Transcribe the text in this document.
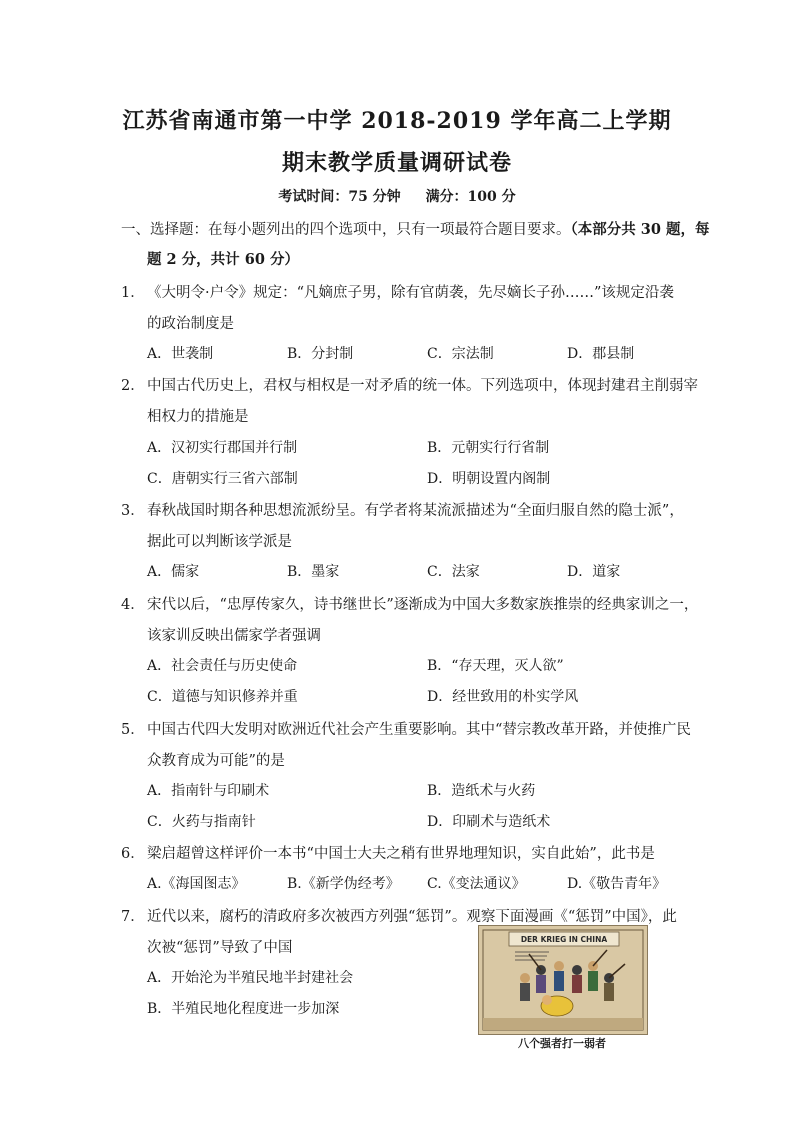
江苏省南通市第一中学 2018-2019 学年高二上学期
期末教学质量调研试卷
考试时间：75 分钟 满分：100 分
一、选择题：在每小题列出的四个选项中，只有一项最符合题目要求。（本部分共 30 题，每
题 2 分，共计 60 分）
1． 《大明令·户令》规定：“凡嫡庶子男，除有官荫袭，先尽嫡长子孙……”该规定沿袭
的政治制度是
A．世袭制	B．分封制	C．宗法制	D．郡县制
2． 中国古代历史上，君权与相权是一对矛盾的统一体。下列选项中，体现封建君主削弱宰
相权力的措施是
A．汉初实行郡国并行制	B．元朝实行行省制
C．唐朝实行三省六部制	D．明朝设置内阁制
3． 春秋战国时期各种思想流派纷呈。有学者将某流派描述为“全面归服自然的隐士派”，
据此可以判断该学派是
A．儒家	B．墨家	C．法家	D．道家
4． 宋代以后，“忠厚传家久，诗书继世长”逐渐成为中国大多数家族推崇的经典家训之一，
该家训反映出儒家学者强调
A．社会责任与历史使命	B．“存天理，灭人欲”
C．道德与知识修养并重	D．经世致用的朴实学风
5． 中国古代四大发明对欧洲近代社会产生重要影响。其中“替宗教改革开路，并使推广民
众教育成为可能”的是
A．指南针与印刷术	B．造纸术与火药
C．火药与指南针	D．印刷术与造纸术
6． 梁启超曾这样评价一本书“中国士大夫之稍有世界地理知识，实自此始”，此书是
A.《海国图志》	B.《新学伪经考》 C.《变法通议》	D.《敬告青年》
7． 近代以来，腐朽的清政府多次被西方列强“惩罚”。观察下面漫画《“惩罚”中国》，此
次被“惩罚”导致了中国
A．开始沦为半殖民地半封建社会
B．半殖民地化程度进一步加深
DER KRIEG IN CHINA
八个强者打一弱者
